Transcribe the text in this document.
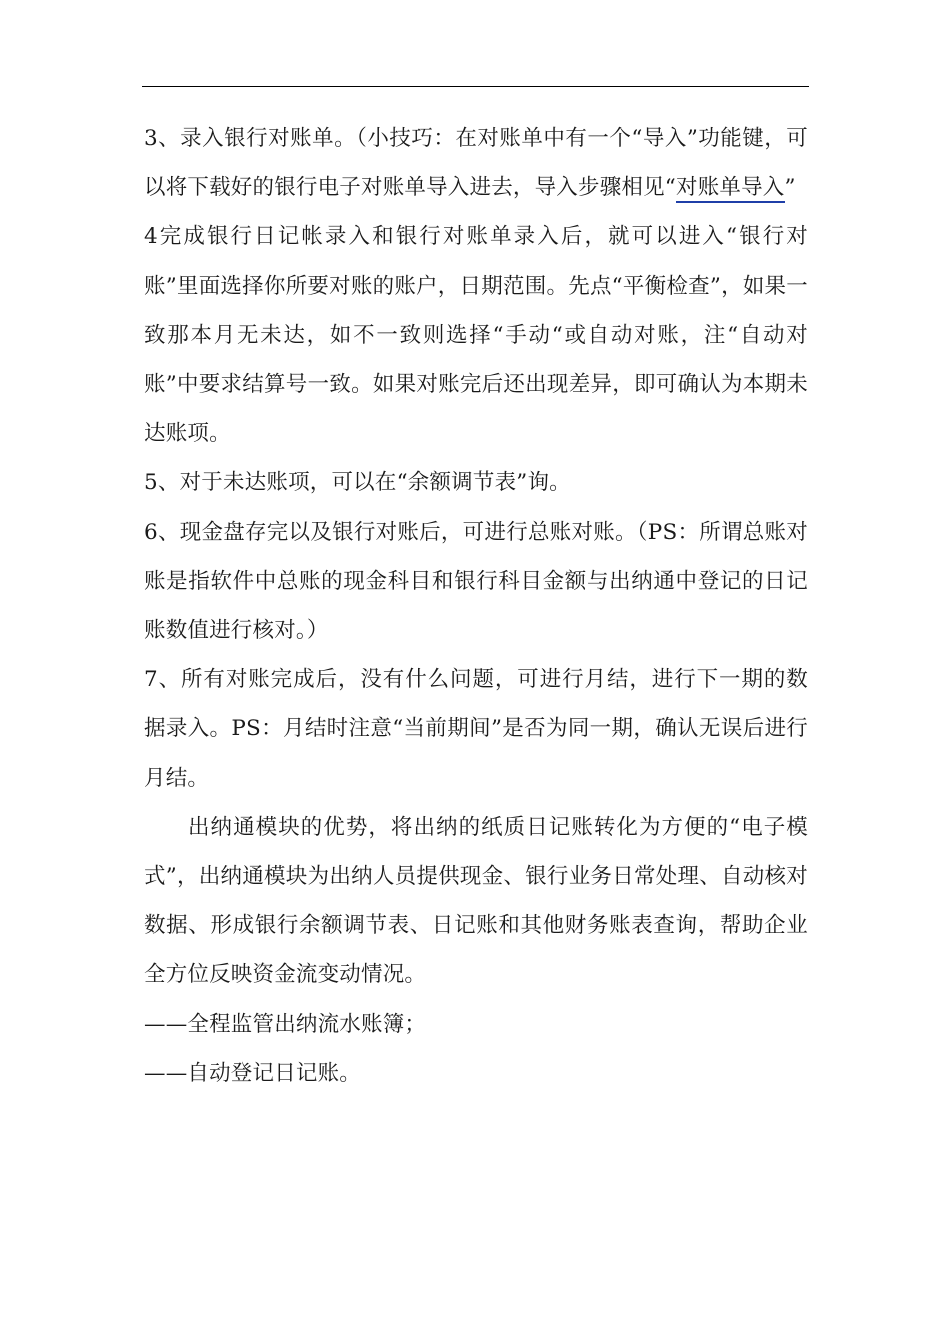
3、录入银行对账单。（小技巧：在对账单中有一个“导入”功能键，可以将下载好的银行电子对账单导入进去，导入步骤相见“对账单导入”

4完成银行日记帐录入和银行对账单录入后，就可以进入“银行对账”里面选择你所要对账的账户，日期范围。先点“平衡检查”，如果一致那本月无未达，如不一致则选择“手动“或自动对账，注“自动对账”中要求结算号一致。如果对账完后还出现差异，即可确认为本期未达账项。

5、对于未达账项，可以在“余额调节表”询。

6、现金盘存完以及银行对账后，可进行总账对账。（PS：所谓总账对账是指软件中总账的现金科目和银行科目金额与出纳通中登记的日记账数值进行核对。）

7、所有对账完成后，没有什么问题，可进行月结，进行下一期的数据录入。PS：月结时注意“当前期间”是否为同一期，确认无误后进行月结。

出纳通模块的优势，将出纳的纸质日记账转化为方便的“电子模式”，出纳通模块为出纳人员提供现金、银行业务日常处理、自动核对数据、形成银行余额调节表、日记账和其他财务账表查询，帮助企业全方位反映资金流变动情况。

——全程监管出纳流水账簿；

——自动登记日记账。
